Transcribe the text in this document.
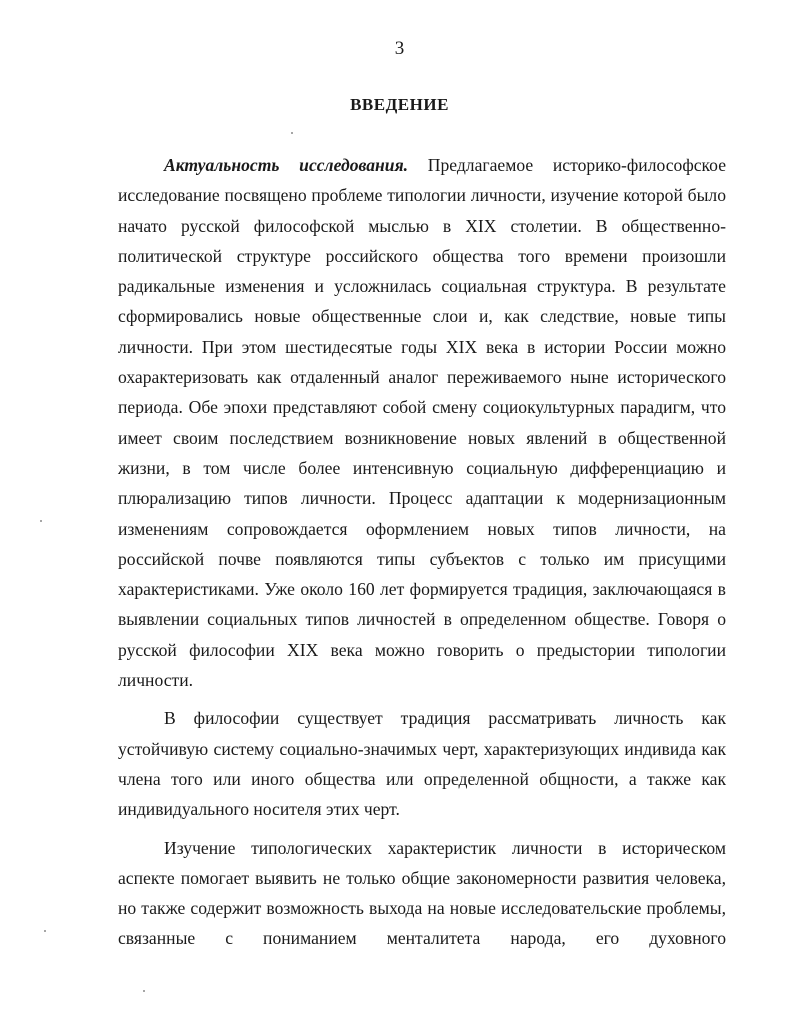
3
ВВЕДЕНИЕ

Актуальность исследования. Предлагаемое историко-философское исследование посвящено проблеме типологии личности, изучение которой было начато русской философской мыслью в XIX столетии. В общественно-политической структуре российского общества того времени произошли радикальные изменения и усложнилась социальная структура. В результате сформировались новые общественные слои и, как следствие, новые типы личности. При этом шестидесятые годы XIX века в истории России можно охарактеризовать как отдаленный аналог переживаемого ныне исторического периода. Обе эпохи представляют собой смену социокультурных парадигм, что имеет своим последствием возникновение новых явлений в общественной жизни, в том числе более интенсивную социальную дифференциацию и плюрализацию типов личности. Процесс адаптации к модернизационным изменениям сопровождается оформлением новых типов личности, на российской почве появляются типы субъектов с только им присущими характеристиками. Уже около 160 лет формируется традиция, заключающаяся в выявлении социальных типов личностей в определенном обществе. Говоря о русской философии XIX века можно говорить о предыстории типологии личности.

В философии существует традиция рассматривать личность как устойчивую систему социально-значимых черт, характеризующих индивида как члена того или иного общества или определенной общности, а также как индивидуального носителя этих черт.

Изучение типологических характеристик личности в историческом аспекте помогает выявить не только общие закономерности развития человека, но также содержит возможность выхода на новые исследовательские проблемы, связанные с пониманием менталитета народа, его духовного
